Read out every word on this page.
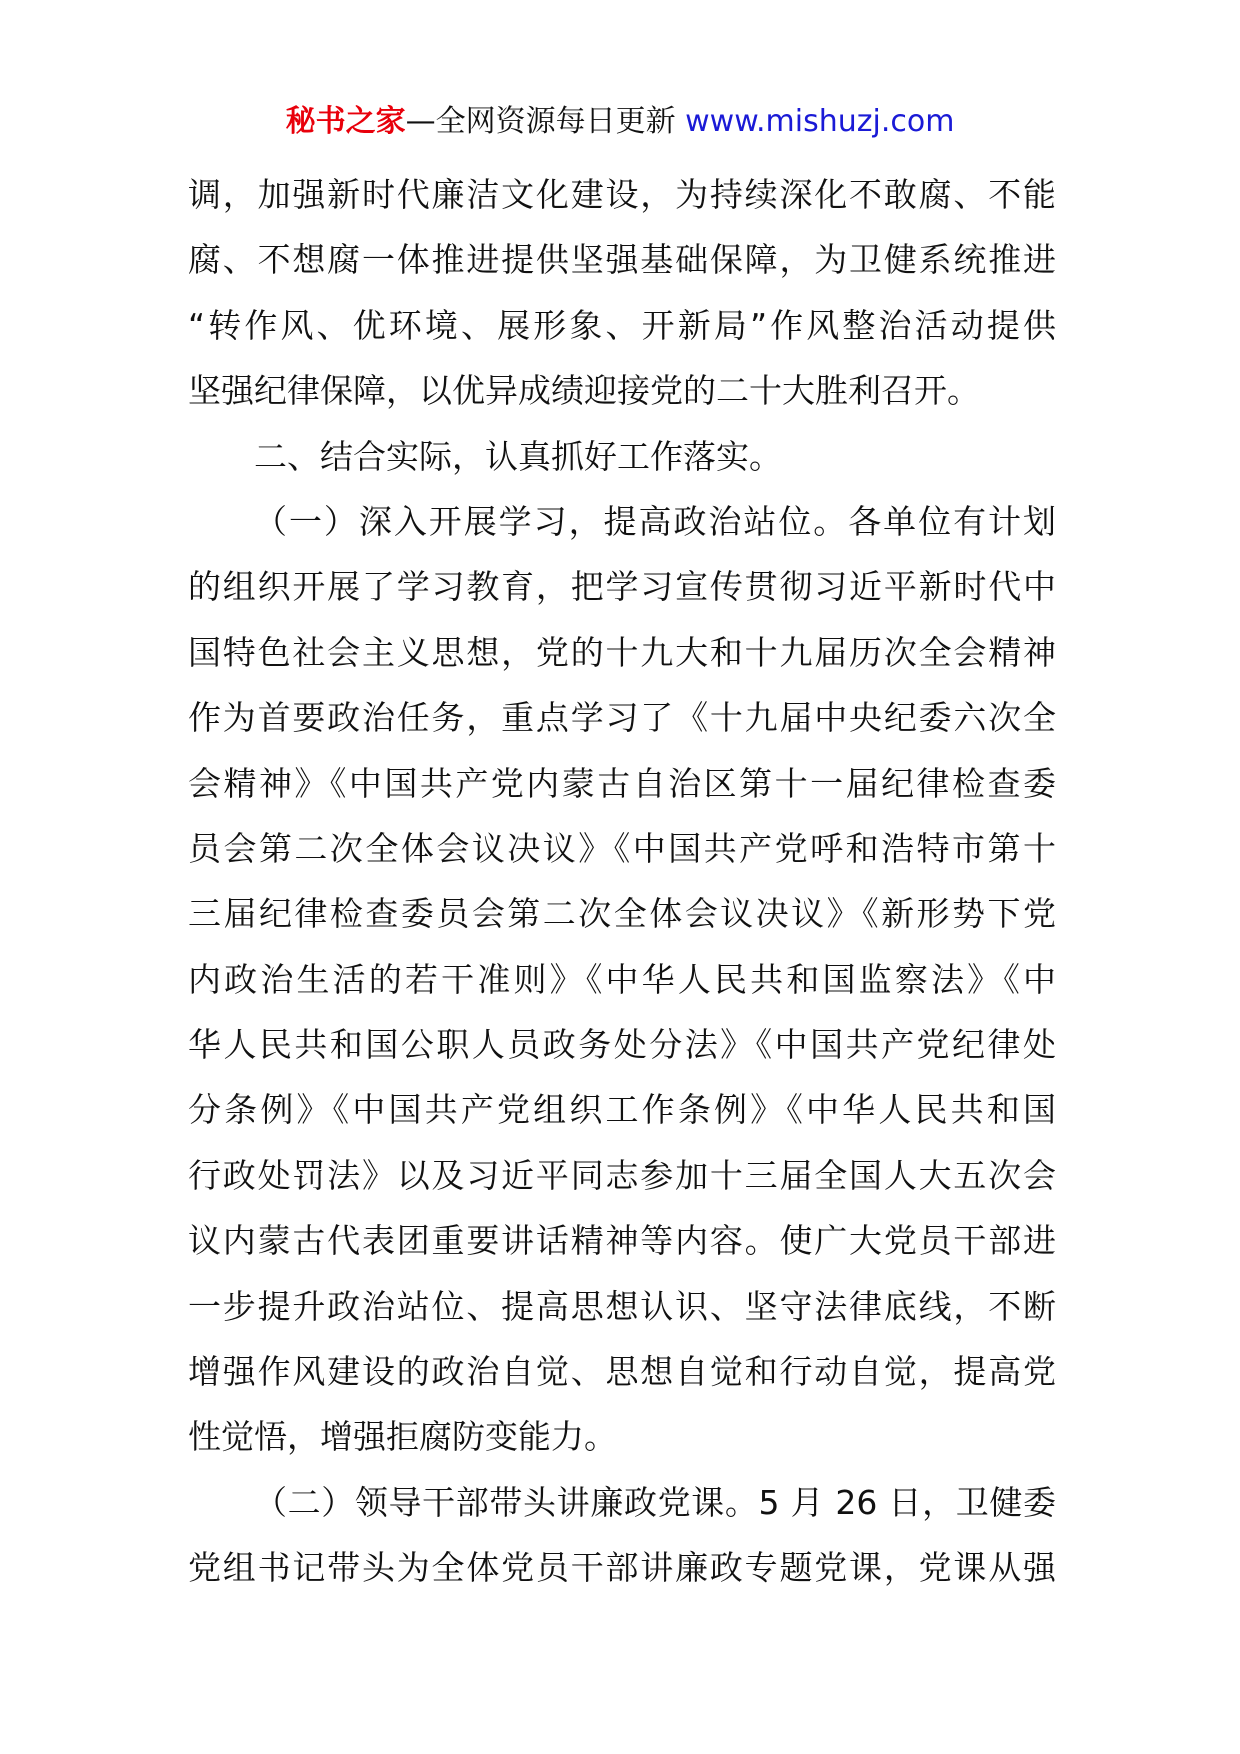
秘书之家—全网资源每日更新 www.mishuzj.com
调，加强新时代廉洁文化建设，为持续深化不敢腐、不能
腐、不想腐一体推进提供坚强基础保障，为卫健系统推进
“转作风、优环境、展形象、开新局”作风整治活动提供
坚强纪律保障，以优异成绩迎接党的二十大胜利召开。
二、结合实际，认真抓好工作落实。
（一）深入开展学习，提高政治站位。各单位有计划
的组织开展了学习教育，把学习宣传贯彻习近平新时代中
国特色社会主义思想，党的十九大和十九届历次全会精神
作为首要政治任务，重点学习了《十九届中央纪委六次全
会精神》《中国共产党内蒙古自治区第十一届纪律检查委
员会第二次全体会议决议》《中国共产党呼和浩特市第十
三届纪律检查委员会第二次全体会议决议》《新形势下党
内政治生活的若干准则》《中华人民共和国监察法》《中
华人民共和国公职人员政务处分法》《中国共产党纪律处
分条例》《中国共产党组织工作条例》《中华人民共和国
行政处罚法》以及习近平同志参加十三届全国人大五次会
议内蒙古代表团重要讲话精神等内容。使广大党员干部进
一步提升政治站位、提高思想认识、坚守法律底线，不断
增强作风建设的政治自觉、思想自觉和行动自觉，提高党
性觉悟，增强拒腐防变能力。
（二）领导干部带头讲廉政党课。5 月 26 日，卫健委
党组书记带头为全体党员干部讲廉政专题党课，党课从强
